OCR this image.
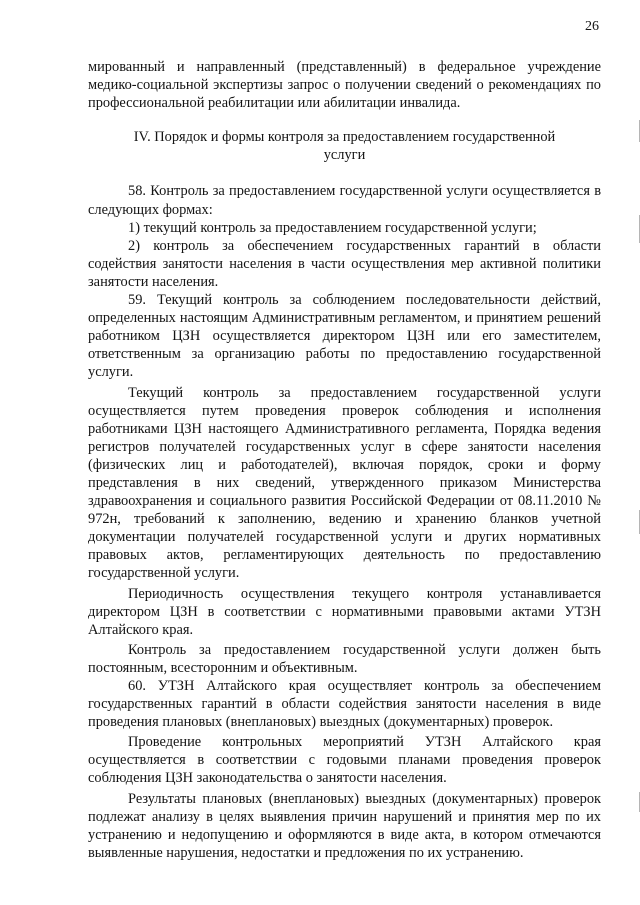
26

мированный и направленный (представленный) в федеральное учреждение медико-социальной экспертизы запрос о получении сведений о рекомендациях по профессиональной реабилитации или абилитации инвалида.

IV. Порядок и формы контроля за предоставлением государственной услуги

58. Контроль за предоставлением государственной услуги осуществляется в следующих формах:

1) текущий контроль за предоставлением государственной услуги;

2) контроль за обеспечением государственных гарантий в области содействия занятости населения в части осуществления мер активной политики занятости населения.

59. Текущий контроль за соблюдением последовательности действий, определенных настоящим Административным регламентом, и принятием решений работником ЦЗН осуществляется директором ЦЗН или его заместителем, ответственным за организацию работы по предоставлению государственной услуги.

Текущий контроль за предоставлением государственной услуги осуществляется путем проведения проверок соблюдения и исполнения работниками ЦЗН настоящего Административного регламента, Порядка ведения регистров получателей государственных услуг в сфере занятости населения (физических лиц и работодателей), включая порядок, сроки и форму представления в них сведений, утвержденного приказом Министерства здравоохранения и социального развития Российской Федерации от 08.11.2010 № 972н, требований к заполнению, ведению и хранению бланков учетной документации получателей государственной услуги и других нормативных правовых актов, регламентирующих деятельность по предоставлению государственной услуги.

Периодичность осуществления текущего контроля устанавливается директором ЦЗН в соответствии с нормативными правовыми актами УТЗН Алтайского края.

Контроль за предоставлением государственной услуги должен быть постоянным, всесторонним и объективным.

60. УТЗН Алтайского края осуществляет контроль за обеспечением государственных гарантий в области содействия занятости населения в виде проведения плановых (внеплановых) выездных (документарных) проверок.

Проведение контрольных мероприятий УТЗН Алтайского края осуществляется в соответствии с годовыми планами проведения проверок соблюдения ЦЗН законодательства о занятости населения.

Результаты плановых (внеплановых) выездных (документарных) проверок подлежат анализу в целях выявления причин нарушений и принятия мер по их устранению и недопущению и оформляются в виде акта, в котором отмечаются выявленные нарушения, недостатки и предложения по их устранению.
